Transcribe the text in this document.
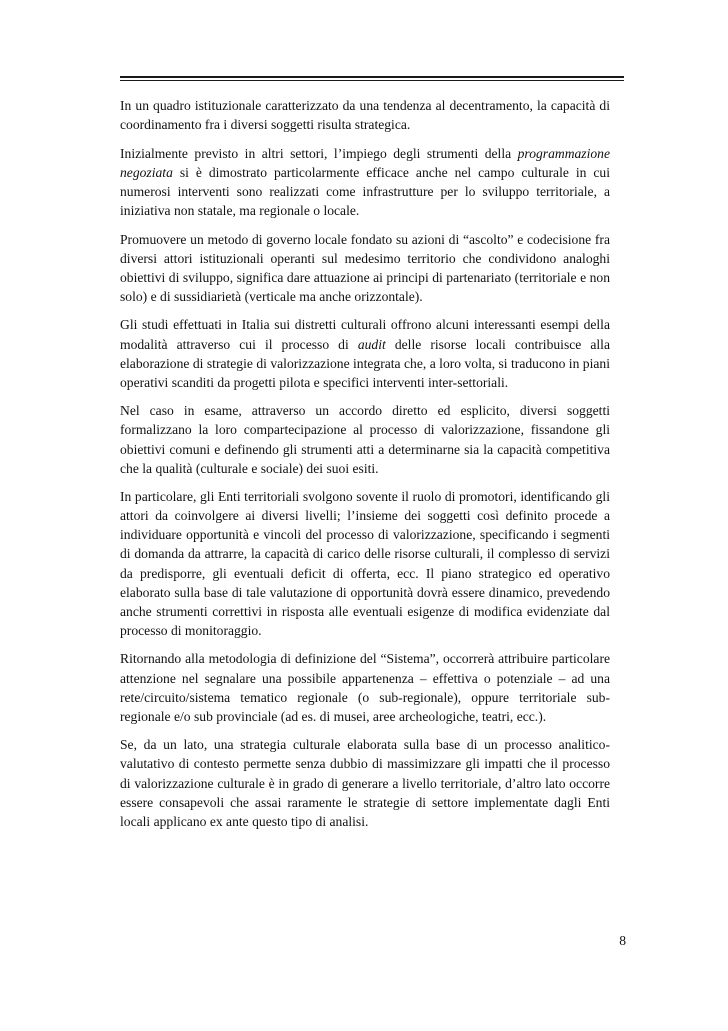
In un quadro istituzionale caratterizzato da una tendenza al decentramento, la capacità di coordinamento fra i diversi soggetti risulta strategica.

Inizialmente previsto in altri settori, l’impiego degli strumenti della programmazione negoziata si è dimostrato particolarmente efficace anche nel campo culturale in cui numerosi interventi sono realizzati come infrastrutture per lo sviluppo territoriale, a iniziativa non statale, ma regionale o locale.

Promuovere un metodo di governo locale fondato su azioni di “ascolto” e codecisione fra diversi attori istituzionali operanti sul medesimo territorio che condividono analoghi obiettivi di sviluppo, significa dare attuazione ai principi di partenariato (territoriale e non solo) e di sussidiarietà (verticale ma anche orizzontale).

Gli studi effettuati in Italia sui distretti culturali offrono alcuni interessanti esempi della modalità attraverso cui il processo di audit delle risorse locali contribuisce alla elaborazione di strategie di valorizzazione integrata che, a loro volta, si traducono in piani operativi scanditi da progetti pilota e specifici interventi inter-settoriali.

Nel caso in esame, attraverso un accordo diretto ed esplicito, diversi soggetti formalizzano la loro compartecipazione al processo di valorizzazione, fissandone gli obiettivi comuni e definendo gli strumenti atti a determinarne sia la capacità competitiva che la qualità (culturale e sociale) dei suoi esiti.

In particolare, gli Enti territoriali svolgono sovente il ruolo di promotori, identificando gli attori da coinvolgere ai diversi livelli; l’insieme dei soggetti così definito procede a individuare opportunità e vincoli del processo di valorizzazione, specificando i segmenti di domanda da attrarre, la capacità di carico delle risorse culturali, il complesso di servizi da predisporre, gli eventuali deficit di offerta, ecc. Il piano strategico ed operativo elaborato sulla base di tale valutazione di opportunità dovrà essere dinamico, prevedendo anche strumenti correttivi in risposta alle eventuali esigenze di modifica evidenziate dal processo di monitoraggio.

Ritornando alla metodologia di definizione del “Sistema”, occorrerà attribuire particolare attenzione nel segnalare una possibile appartenenza – effettiva o potenziale – ad una rete/circuito/sistema tematico regionale (o sub-regionale), oppure territoriale sub-regionale e/o sub provinciale (ad es. di musei, aree archeologiche, teatri, ecc.).

Se, da un lato, una strategia culturale elaborata sulla base di un processo analitico-valutativo di contesto permette senza dubbio di massimizzare gli impatti che il processo di valorizzazione culturale è in grado di generare a livello territoriale, d’altro lato occorre essere consapevoli che assai raramente le strategie di settore implementate dagli Enti locali applicano ex ante questo tipo di analisi.

8
